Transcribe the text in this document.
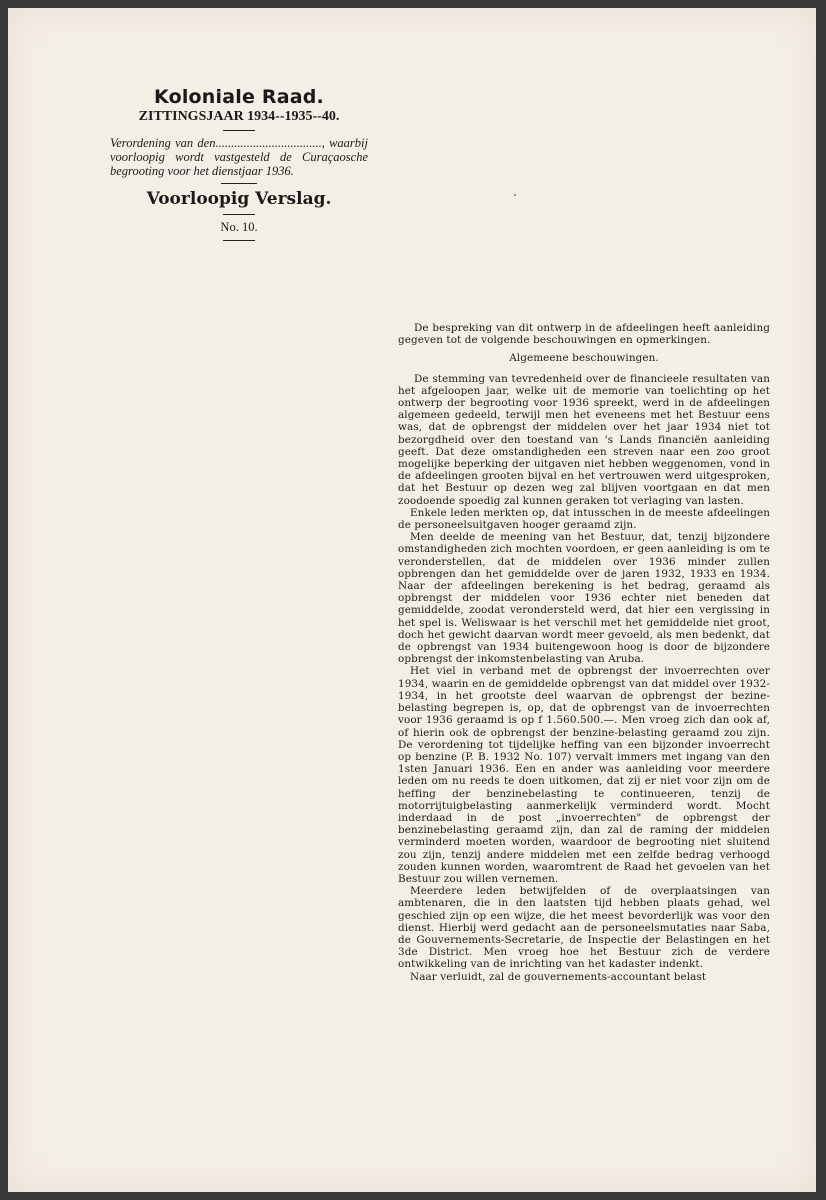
Koloniale Raad.
ZITTINGSJAAR 1934--1935--40.

Verordening van den.................................., waarbij voorloopig wordt vastgesteld de Curaçaosche begrooting voor het dienstjaar 1936.

Voorloopig Verslag.
No. 10.

De bespreking van dit ontwerp in de afdeelingen heeft aanleiding gegeven tot de volgende beschouwingen en opmerkingen.

Algemeene beschouwingen.

De stemming van tevredenheid over de financieele resultaten van het afgeloopen jaar, welke uit de memorie van toelichting op het ontwerp der begrooting voor 1936 spreekt, werd in de afdeelingen algemeen gedeeld, terwijl men het eveneens met het Bestuur eens was, dat de opbrengst der middelen over het jaar 1934 niet tot bezorgdheid over den toestand van 's Lands financiën aanleiding geeft. Dat deze omstandigheden een streven naar een zoo groot mogelijke beperking der uitgaven niet hebben weggenomen, vond in de afdeelingen grooten bijval en het vertrouwen werd uitgesproken, dat het Bestuur op dezen weg zal blijven voortgaan en dat men zoodoende spoedig zal kunnen geraken tot verlaging van lasten.

Enkele leden merkten op, dat intusschen in de meeste afdeelingen de personeelsuitgaven hooger geraamd zijn.

Men deelde de meening van het Bestuur, dat, tenzij bijzondere omstandigheden zich mochten voordoen, er geen aanleiding is om te veronderstellen, dat de middelen over 1936 minder zullen opbrengen dan het gemiddelde over de jaren 1932, 1933 en 1934. Naar der afdeelingen berekening is het bedrag, geraamd als opbrengst der middelen voor 1936 echter niet beneden dat gemiddelde, zoodat verondersteld werd, dat hier een vergissing in het spel is. Weliswaar is het verschil met het gemiddelde niet groot, doch het gewicht daarvan wordt meer gevoeld, als men bedenkt, dat de opbrengst van 1934 buitengewoon hoog is door de bijzondere opbrengst der inkomstenbelasting van Aruba.

Het viel in verband met de opbrengst der invoerrechten over 1934, waarin en de gemiddelde opbrengst van dat middel over 1932-1934, in het grootste deel waarvan de opbrengst der bezine-belasting begrepen is, op, dat de opbrengst van de invoerrechten voor 1936 geraamd is op f 1.560.500.—. Men vroeg zich dan ook af, of hierin ook de opbrengst der benzine-belasting geraamd zou zijn. De verordening tot tijdelijke heffing van een bijzonder invoerrecht op benzine (P. B. 1932 No. 107) vervalt immers met ingang van den 1sten Januari 1936. Een en ander was aanleiding voor meerdere leden om nu reeds te doen uitkomen, dat zij er niet voor zijn om de heffing der benzinebelasting te continueeren, tenzij de motorrijtuigbelasting aanmerkelijk verminderd wordt. Mocht inderdaad in de post „invoerrechten" de opbrengst der benzinebelasting geraamd zijn, dan zal de raming der middelen verminderd moeten worden, waardoor de begrooting niet sluitend zou zijn, tenzij andere middelen met een zelfde bedrag verhoogd zouden kunnen worden, waaromtrent de Raad het gevoelen van het Bestuur zou willen vernemen.

Meerdere leden betwijfelden of de overplaatsingen van ambtenaren, die in den laatsten tijd hebben plaats gehad, wel geschied zijn op een wijze, die het meest bevorderlijk was voor den dienst. Hierbij werd gedacht aan de personeelsmutaties naar Saba, de Gouvernements-Secretarie, de Inspectie der Belastingen en het 3de District. Men vroeg hoe het Bestuur zich de verdere ontwikkeling van de inrichting van het kadaster indenkt.

Naar verluidt, zal de gouvernements-accountant belast
